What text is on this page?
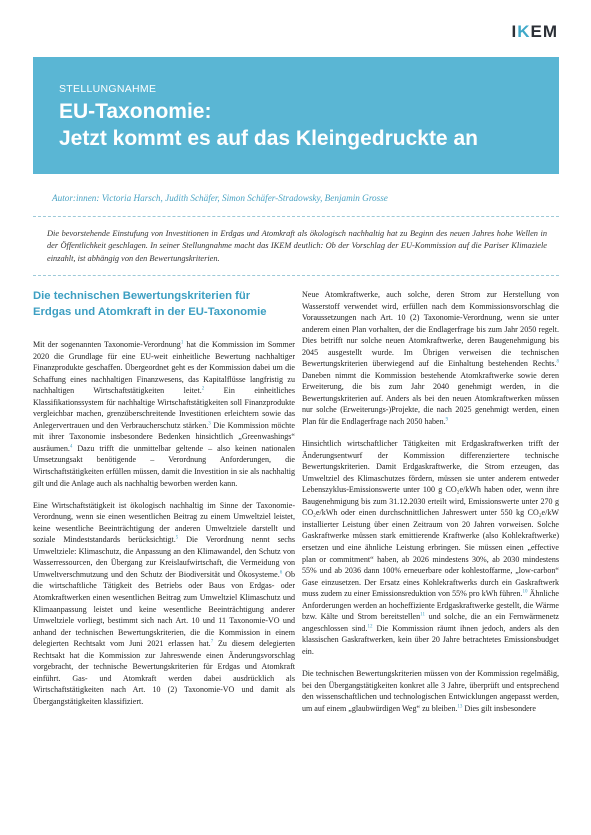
IKEM
STELLUNGNAHME
EU-Taxonomie:
Jetzt kommt es auf das Kleingedruckte an
Autor:innen: Victoria Harsch, Judith Schäfer, Simon Schäfer-Stradowsky, Benjamin Grosse
Die bevorstehende Einstufung von Investitionen in Erdgas und Atomkraft als ökologisch nachhaltig hat zu Beginn des neuen Jahres hohe Wellen in der Öffentlichkeit geschlagen. In seiner Stellungnahme macht das IKEM deutlich: Ob der Vorschlag der EU-Kommission auf die Pariser Klimaziele einzahlt, ist abhängig von den Bewertungskriterien.
Die technischen Bewertungskriterien für
Erdgas und Atomkraft in der EU-Taxonomie

Mit der sogenannten Taxonomie-Verordnung$^1$ hat die Kommission im Sommer 2020 die Grundlage für eine EU-weit einheitliche Bewertung nachhaltiger Finanzprodukte geschaffen. Übergeordnet geht es der Kommission dabei um die Schaffung eines nachhaltigen Finanzwesens, das Kapitalflüsse langfristig zu nachhaltigen Wirtschaftstätigkeiten leitet.$^2$ Ein einheitliches Klassifikationssystem für nachhaltige Wirtschaftstätigkeiten soll Finanzprodukte vergleichbar machen, grenzüberschreitende Investitionen erleichtern sowie das Anlegervertrauen und den Verbraucherschutz stärken.$^3$ Die Kommission möchte mit ihrer Taxonomie insbesondere Bedenken hinsichtlich „Greenwashings“ ausräumen.$^4$ Dazu trifft die unmittelbar geltende – also keinen nationalen Umsetzungsakt benötigende – Verordnung Anforderungen, die Wirtschaftstätigkeiten erfüllen müssen, damit die Investition in sie als nachhaltig gilt und die Anlage auch als nachhaltig beworben werden kann.

Eine Wirtschaftstätigkeit ist ökologisch nachhaltig im Sinne der Taxonomie-Verordnung, wenn sie einen wesentlichen Beitrag zu einem Umweltziel leistet, keine wesentliche Beeinträchtigung der anderen Umweltziele darstellt und soziale Mindeststandards berücksichtigt.$^5$ Die Verordnung nennt sechs Umweltziele: Klimaschutz, die Anpassung an den Klimawandel, den Schutz von Wasserressourcen, den Übergang zur Kreislaufwirtschaft, die Vermeidung von Umweltverschmutzung und den Schutz der Biodiversität und Ökosysteme.$^6$ Ob die wirtschaftliche Tätigkeit des Betriebs oder Baus von Erdgas- oder Atomkraftwerken einen wesentlichen Beitrag zum Umweltziel Klimaschutz und Klimaanpassung leistet und keine wesentliche Beeinträchtigung anderer Umweltziele vorliegt, bestimmt sich nach Art. 10 und 11 Taxonomie-VO und anhand der technischen Bewertungskriterien, die die Kommission in einem delegierten Rechtsakt vom Juni 2021 erlassen hat.$^7$ Zu diesem delegierten Rechtsakt hat die Kommission zur Jahreswende einen Änderungsvorschlag vorgebracht, der technische Bewertungskriterien für Erdgas und Atomkraft einführt. Gas- und Atomkraft werden dabei ausdrücklich als Wirtschaftstätigkeiten nach Art. 10 (2) Taxonomie-VO und damit als Übergangstätigkeiten klassifiziert.

Neue Atomkraftwerke, auch solche, deren Strom zur Herstellung von Wasserstoff verwendet wird, erfüllen nach dem Kommissionsvorschlag die Voraussetzungen nach Art. 10 (2) Taxonomie-Verordnung, wenn sie unter anderem einen Plan vorhalten, der die Endlagerfrage bis zum Jahr 2050 regelt. Dies betrifft nur solche neuen Atomkraftwerke, deren Baugenehmigung bis 2045 ausgestellt wurde. Im Übrigen verweisen die technischen Bewertungskriterien überwiegend auf die Einhaltung bestehenden Rechts.$^8$ Daneben nimmt die Kommission bestehende Atomkraftwerke sowie deren Erweiterung, die bis zum Jahr 2040 genehmigt werden, in die Bewertungskriterien auf. Anders als bei den neuen Atomkraftwerken müssen nur solche (Erweiterungs-)Projekte, die nach 2025 genehmigt werden, einen Plan für die Endlagerfrage nach 2050 haben.$^9$

Hinsichtlich wirtschaftlicher Tätigkeiten mit Erdgaskraftwerken trifft der Änderungsentwurf der Kommission differenziertere technische Bewertungskriterien. Damit Erdgaskraftwerke, die Strom erzeugen, das Umweltziel des Klimaschutzes fördern, müssen sie unter anderem entweder Lebenszyklus-Emissionswerte unter 100 g CO₂e/kWh haben oder, wenn ihre Baugenehmigung bis zum 31.12.2030 erteilt wird, Emissionswerte unter 270 g CO₂e/kWh oder einen durchschnittlichen Jahreswert unter 550 kg CO₂e/kW installierter Leistung über einen Zeitraum von 20 Jahren vorweisen. Solche Gaskraftwerke müssen stark emittierende Kraftwerke (also Kohlekraftwerke) ersetzen und eine ähnliche Leistung erbringen. Sie müssen einen „effective plan or commitment“ haben, ab 2026 mindestens 30%, ab 2030 mindestens 55% und ab 2036 dann 100% erneuerbare oder kohlestoffarme, „low-carbon“ Gase einzusetzen. Der Ersatz eines Kohlekraftwerks durch ein Gaskraftwerk muss zudem zu einer Emissionsreduktion von 55% pro kWh führen.$^{10}$ Ähnliche Anforderungen werden an hocheffiziente Erdgaskraftwerke gestellt, die Wärme bzw. Kälte und Strom bereitstellen$^{11}$ und solche, die an ein Fernwärmenetz angeschlossen sind.$^{12}$ Die Kommission räumt ihnen jedoch, anders als den klassischen Gaskraftwerken, kein über 20 Jahre betrachtetes Emissionsbudget ein.

Die technischen Bewertungskriterien müssen von der Kommission regelmäßig, bei den Übergangstätigkeiten konkret alle 3 Jahre, überprüft und entsprechend den wissenschaftlichen und technologischen Entwicklungen angepasst werden, um auf einem „glaubwürdigen Weg“ zu bleiben.$^{13}$ Dies gilt insbesondere
